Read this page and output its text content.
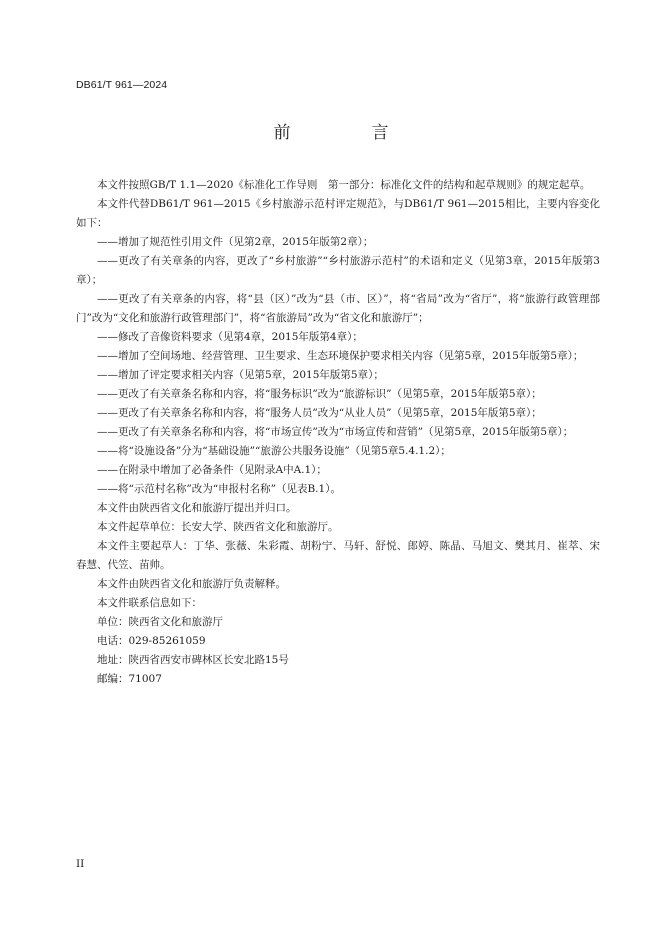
DB61/T 961—2024
前　言

本文件按照GB/T 1.1—2020《标准化工作导则　第一部分：标准化文件的结构和起草规则》的规定起草。

本文件代替DB61/T 961—2015《乡村旅游示范村评定规范》，与DB61/T 961—2015相比，主要内容变化如下：

——增加了规范性引用文件（见第2章，2015年版第2章）；

——更改了有关章条的内容，更改了“乡村旅游”“乡村旅游示范村”的术语和定义（见第3章，2015年版第3章）；

——更改了有关章条的内容，将“县（区）”改为“县（市、区）”，将“省局”改为“省厅”，将“旅游行政管理部门”改为“文化和旅游行政管理部门”，将“省旅游局”改为“省文化和旅游厅”；

——修改了音像资料要求（见第4章，2015年版第4章）；

——增加了空间场地、经营管理、卫生要求、生态环境保护要求相关内容（见第5章，2015年版第5章）；

——增加了评定要求相关内容（见第5章，2015年版第5章）；

——更改了有关章条名称和内容，将“服务标识”改为“旅游标识”（见第5章，2015年版第5章）；

——更改了有关章条名称和内容，将“服务人员”改为“从业人员”（见第5章，2015年版第5章）；

——更改了有关章条名称和内容，将“市场宣传”改为“市场宣传和营销”（见第5章，2015年版第5章）；

——将“设施设备”分为“基础设施”“旅游公共服务设施”（见第5章5.4.1.2）；

——在附录中增加了必备条件（见附录A中A.1）；

——将“示范村名称”改为“申报村名称”（见表B.1）。

本文件由陕西省文化和旅游厅提出并归口。

本文件起草单位：长安大学、陕西省文化和旅游厅。

本文件主要起草人：丁华、张薇、朱彩霞、胡粉宁、马轩、舒悦、郎婷、陈晶、马旭文、樊其月、崔萃、宋春慧、代笠、苗帅。

本文件由陕西省文化和旅游厅负责解释。

本文件联系信息如下：

单位：陕西省文化和旅游厅

电话：029-85261059

地址：陕西省西安市碑林区长安北路15号

邮编：71007

II
